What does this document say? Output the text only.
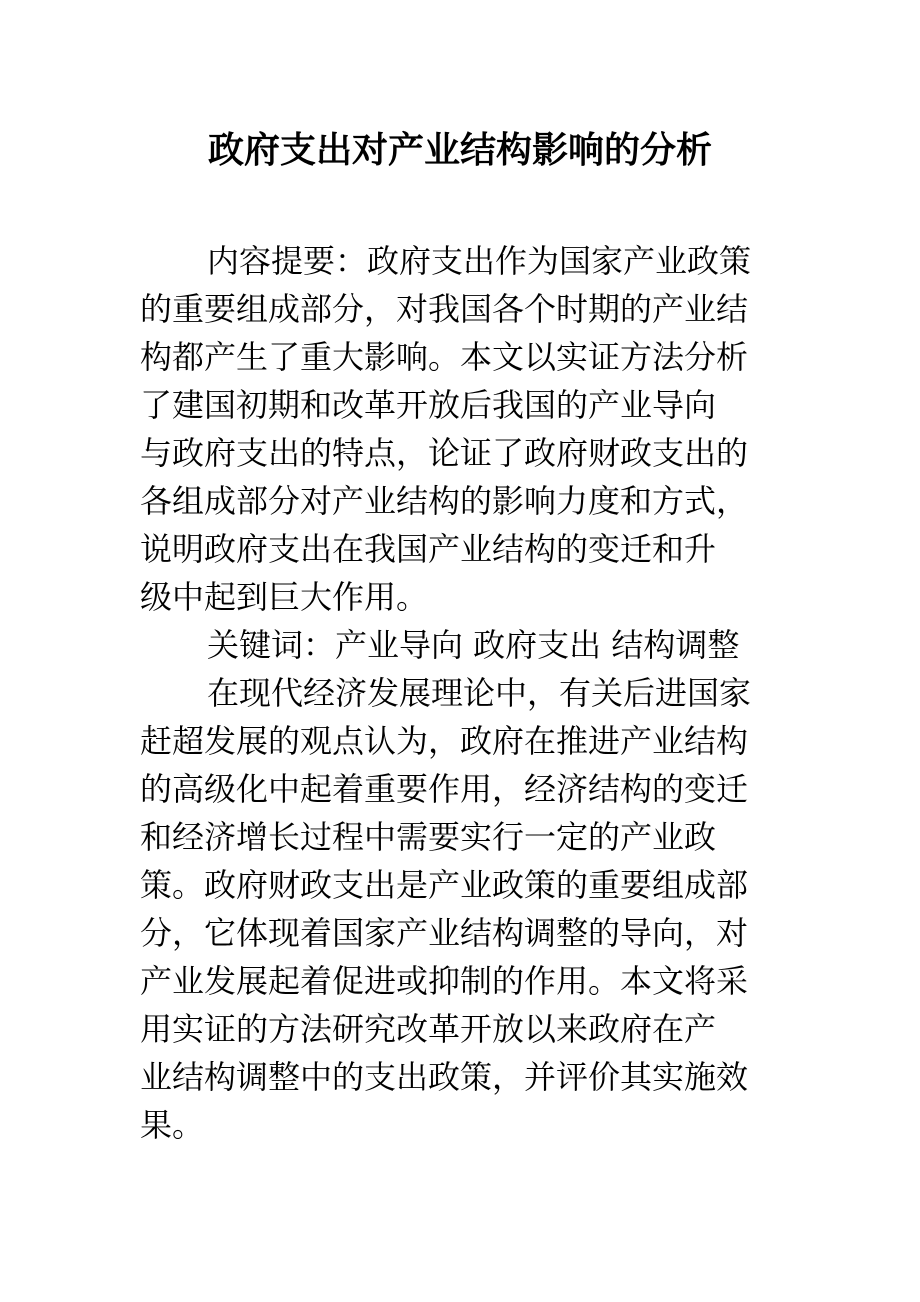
政府支出对产业结构影响的分析
内容提要：政府支出作为国家产业政策
的重要组成部分，对我国各个时期的产业结
构都产生了重大影响。本文以实证方法分析
了建国初期和改革开放后我国的产业导向
与政府支出的特点，论证了政府财政支出的
各组成部分对产业结构的影响力度和方式，
说明政府支出在我国产业结构的变迁和升
级中起到巨大作用。
关键词：产业导向 政府支出 结构调整
在现代经济发展理论中，有关后进国家
赶超发展的观点认为，政府在推进产业结构
的高级化中起着重要作用，经济结构的变迁
和经济增长过程中需要实行一定的产业政
策。政府财政支出是产业政策的重要组成部
分，它体现着国家产业结构调整的导向，对
产业发展起着促进或抑制的作用。本文将采
用实证的方法研究改革开放以来政府在产
业结构调整中的支出政策，并评价其实施效
果。
